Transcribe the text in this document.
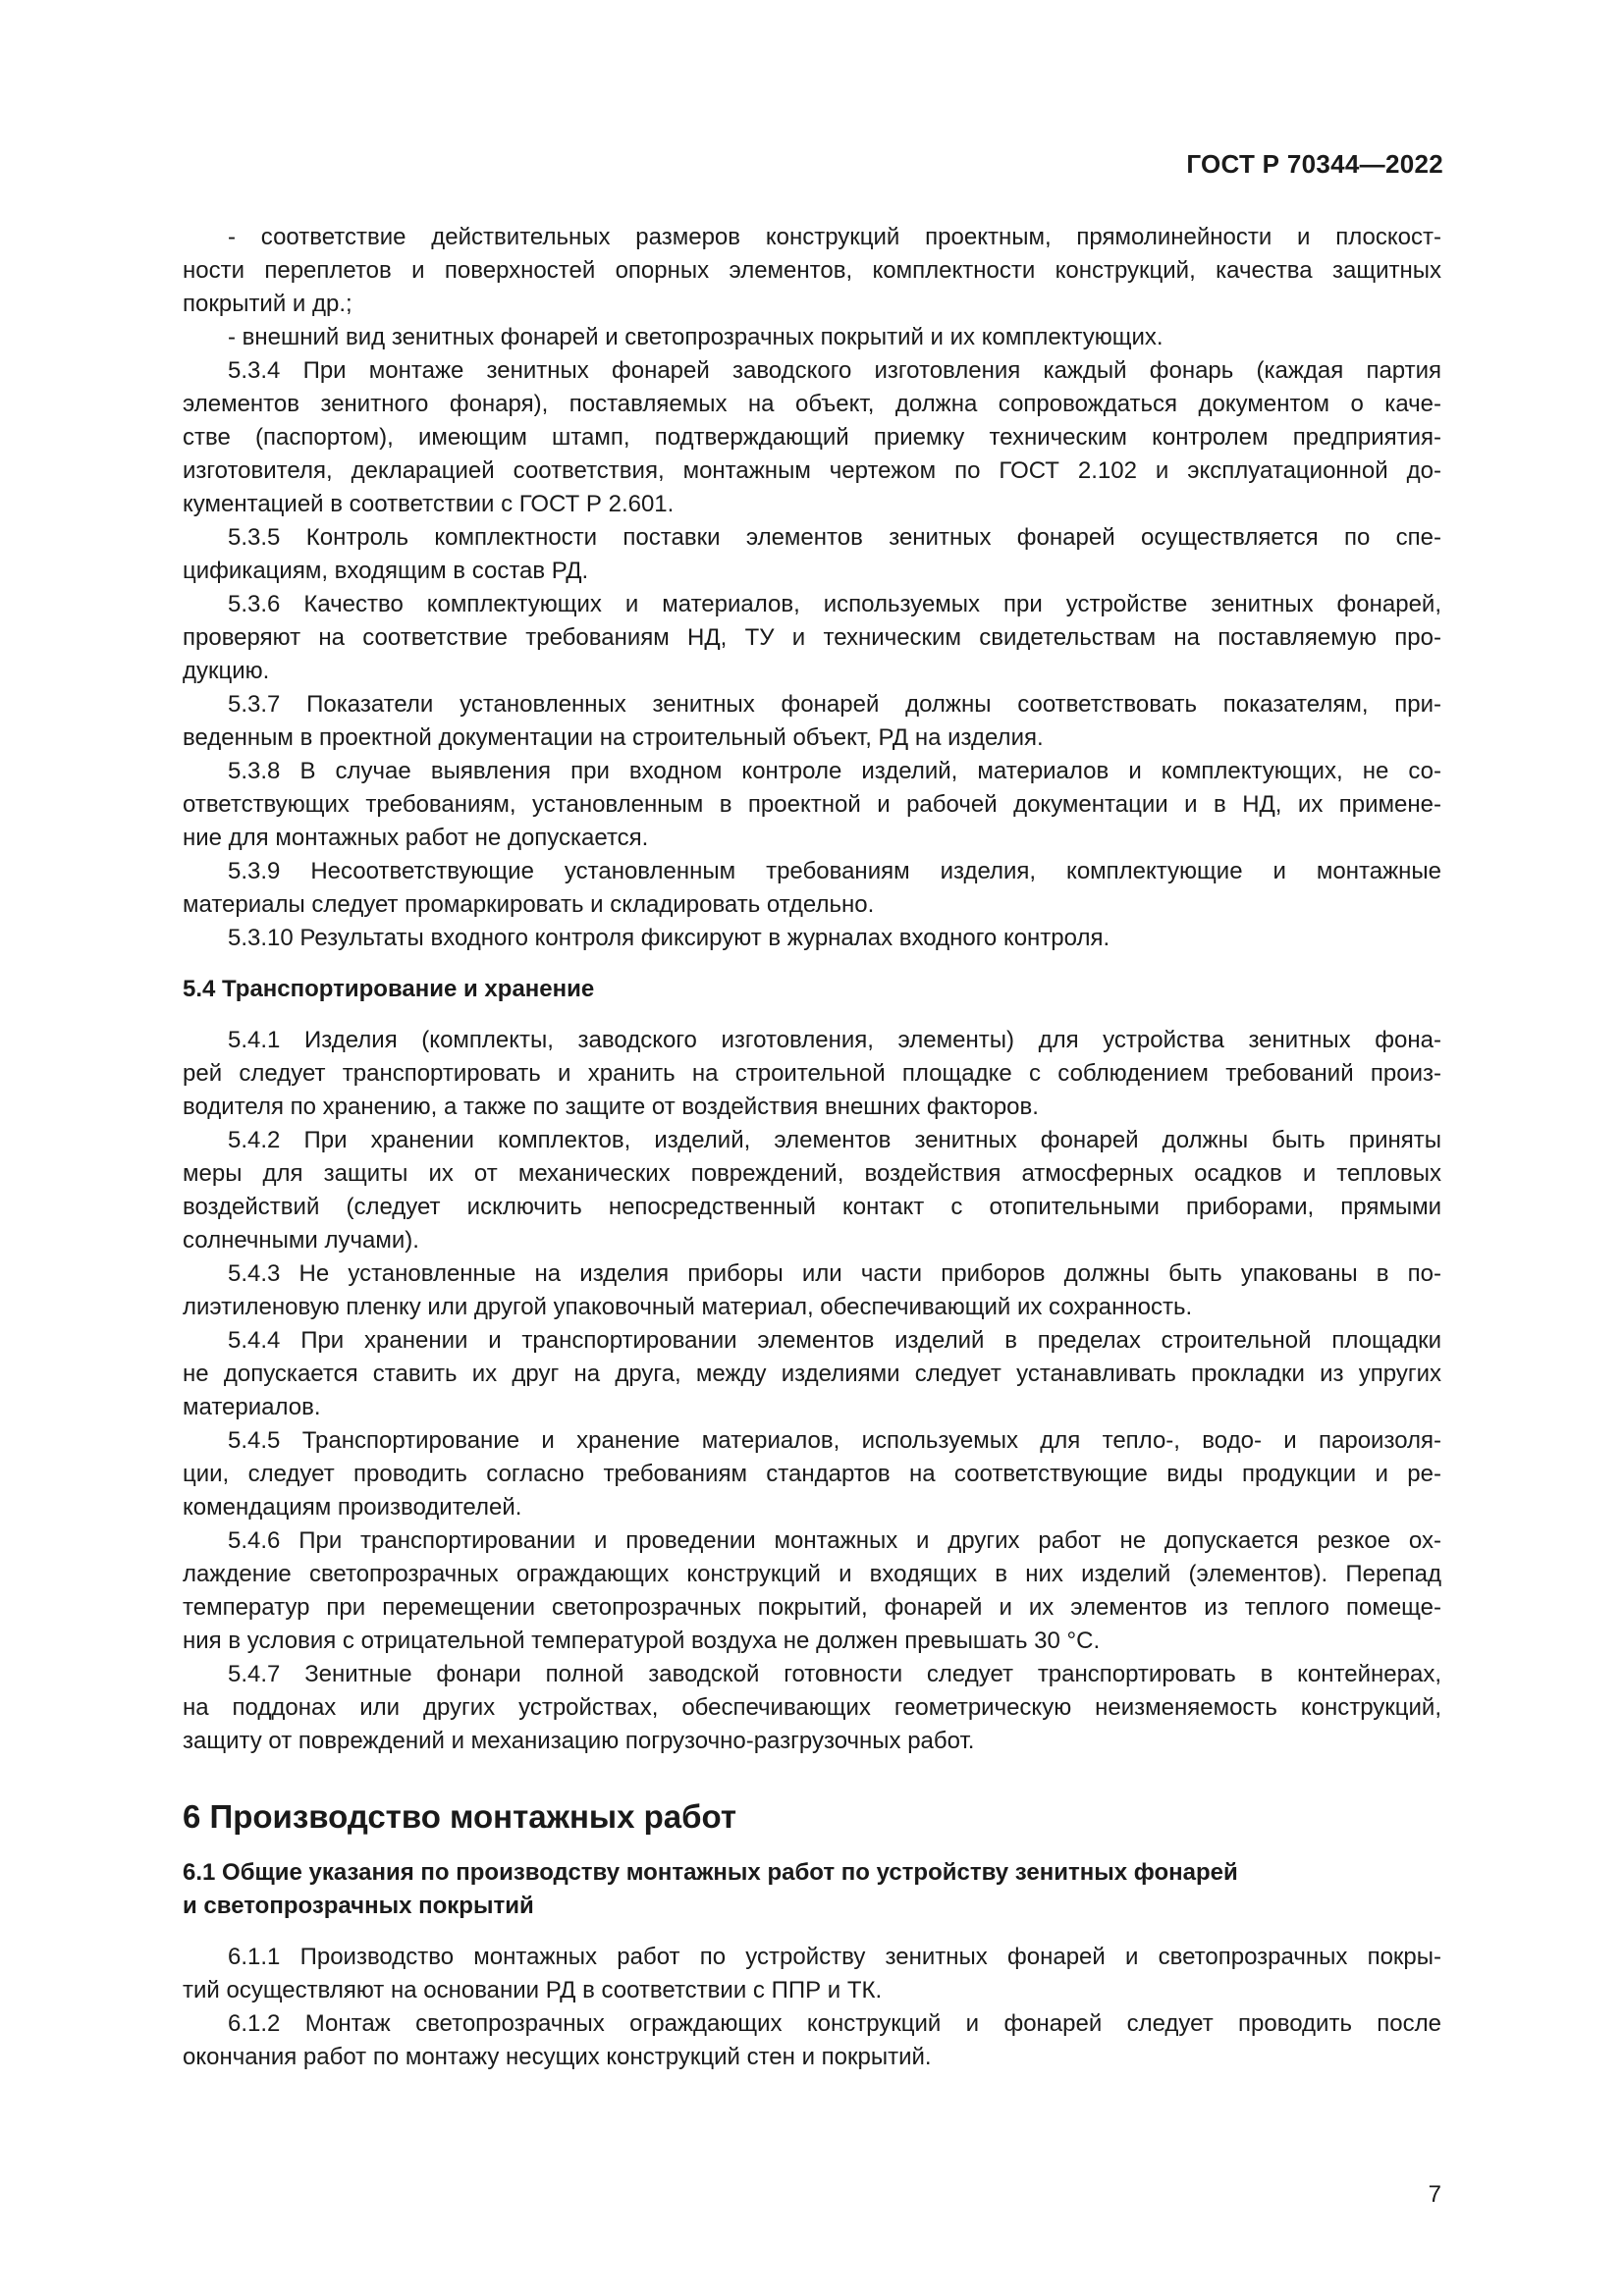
ГОСТ Р 70344—2022
- соответствие действительных размеров конструкций проектным, прямолинейности и плоскост-
ности переплетов и поверхностей опорных элементов, комплектности конструкций, качества защитных
покрытий и др.;
- внешний вид зенитных фонарей и светопрозрачных покрытий и их комплектующих.
5.3.4 При монтаже зенитных фонарей заводского изготовления каждый фонарь (каждая партия
элементов зенитного фонаря), поставляемых на объект, должна сопровождаться документом о каче-
стве (паспортом), имеющим штамп, подтверждающий приемку техническим контролем предприятия-
изготовителя, декларацией соответствия, монтажным чертежом по ГОСТ 2.102 и эксплуатационной до-
кументацией в соответствии с ГОСТ Р 2.601.
5.3.5 Контроль комплектности поставки элементов зенитных фонарей осуществляется по спе-
цификациям, входящим в состав РД.
5.3.6 Качество комплектующих и материалов, используемых при устройстве зенитных фонарей,
проверяют на соответствие требованиям НД, ТУ и техническим свидетельствам на поставляемую про-
дукцию.
5.3.7 Показатели установленных зенитных фонарей должны соответствовать показателям, при-
веденным в проектной документации на строительный объект, РД на изделия.
5.3.8 В случае выявления при входном контроле изделий, материалов и комплектующих, не со-
ответствующих требованиям, установленным в проектной и рабочей документации и в НД, их примене-
ние для монтажных работ не допускается.
5.3.9 Несоответствующие установленным требованиям изделия, комплектующие и монтажные
материалы следует промаркировать и складировать отдельно.
5.3.10 Результаты входного контроля фиксируют в журналах входного контроля.
5.4 Транспортирование и хранение
5.4.1 Изделия (комплекты, заводского изготовления, элементы) для устройства зенитных фона-
рей следует транспортировать и хранить на строительной площадке с соблюдением требований произ-
водителя по хранению, а также по защите от воздействия внешних факторов.
5.4.2 При хранении комплектов, изделий, элементов зенитных фонарей должны быть приняты
меры для защиты их от механических повреждений, воздействия атмосферных осадков и тепловых
воздействий (следует исключить непосредственный контакт с отопительными приборами, прямыми
солнечными лучами).
5.4.3 Не установленные на изделия приборы или части приборов должны быть упакованы в по-
лиэтиленовую пленку или другой упаковочный материал, обеспечивающий их сохранность.
5.4.4 При хранении и транспортировании элементов изделий в пределах строительной площадки
не допускается ставить их друг на друга, между изделиями следует устанавливать прокладки из упругих
материалов.
5.4.5 Транспортирование и хранение материалов, используемых для тепло-, водо- и пароизоля-
ции, следует проводить согласно требованиям стандартов на соответствующие виды продукции и ре-
комендациям производителей.
5.4.6 При транспортировании и проведении монтажных и других работ не допускается резкое ох-
лаждение светопрозрачных ограждающих конструкций и входящих в них изделий (элементов). Перепад
температур при перемещении светопрозрачных покрытий, фонарей и их элементов из теплого помеще-
ния в условия с отрицательной температурой воздуха не должен превышать 30 °С.
5.4.7 Зенитные фонари полной заводской готовности следует транспортировать в контейнерах,
на поддонах или других устройствах, обеспечивающих геометрическую неизменяемость конструкций,
защиту от повреждений и механизацию погрузочно-разгрузочных работ.
6 Производство монтажных работ
6.1 Общие указания по производству монтажных работ по устройству зенитных фонарей
и светопрозрачных покрытий
6.1.1 Производство монтажных работ по устройству зенитных фонарей и светопрозрачных покры-
тий осуществляют на основании РД в соответствии с ППР и ТК.
6.1.2 Монтаж светопрозрачных ограждающих конструкций и фонарей следует проводить после
окончания работ по монтажу несущих конструкций стен и покрытий.
7
